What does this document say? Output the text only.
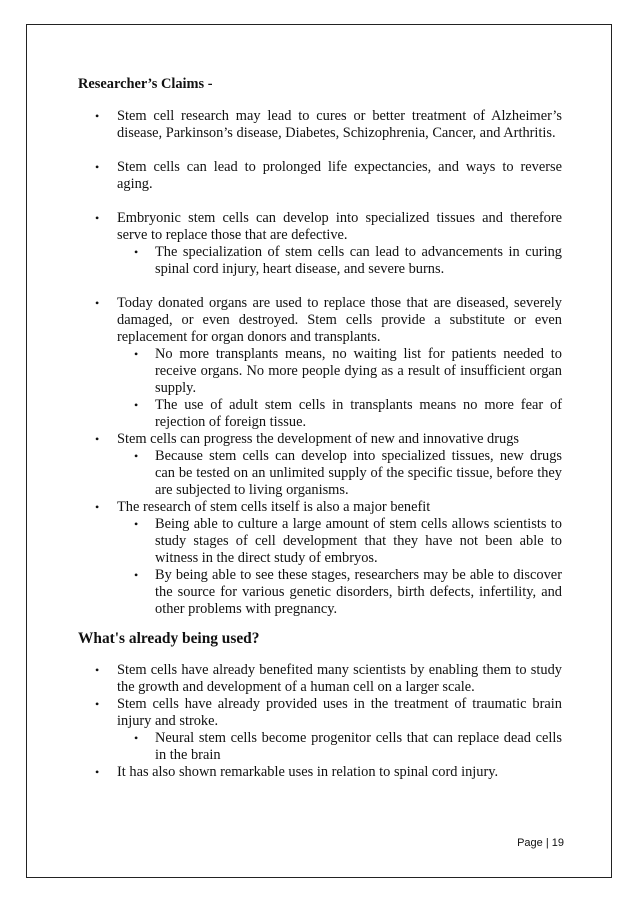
Researcher’s Claims -
• Stem cell research may lead to cures or better treatment of Alzheimer’s disease, Parkinson’s disease, Diabetes, Schizophrenia, Cancer, and Arthritis.
• Stem cells can lead to prolonged life expectancies, and ways to reverse aging.
• Embryonic stem cells can develop into specialized tissues and therefore serve to replace those that are defective.
• The specialization of stem cells can lead to advancements in curing spinal cord injury, heart disease, and severe burns.
• Today donated organs are used to replace those that are diseased, severely damaged, or even destroyed. Stem cells provide a substitute or even replacement for organ donors and transplants.
• No more transplants means, no waiting list for patients needed to receive organs. No more people dying as a result of insufficient organ supply.
• The use of adult stem cells in transplants means no more fear of rejection of foreign tissue.
• Stem cells can progress the development of new and innovative drugs
• Because stem cells can develop into specialized tissues, new drugs can be tested on an unlimited supply of the specific tissue, before they are subjected to living organisms.
• The research of stem cells itself is also a major benefit
• Being able to culture a large amount of stem cells allows scientists to study stages of cell development that they have not been able to witness in the direct study of embryos.
• By being able to see these stages, researchers may be able to discover the source for various genetic disorders, birth defects, infertility, and other problems with pregnancy.
What's already being used?
• Stem cells have already benefited many scientists by enabling them to study the growth and development of a human cell on a larger scale.
• Stem cells have already provided uses in the treatment of traumatic brain injury and stroke.
• Neural stem cells become progenitor cells that can replace dead cells in the brain
• It has also shown remarkable uses in relation to spinal cord injury.
Page | 19
